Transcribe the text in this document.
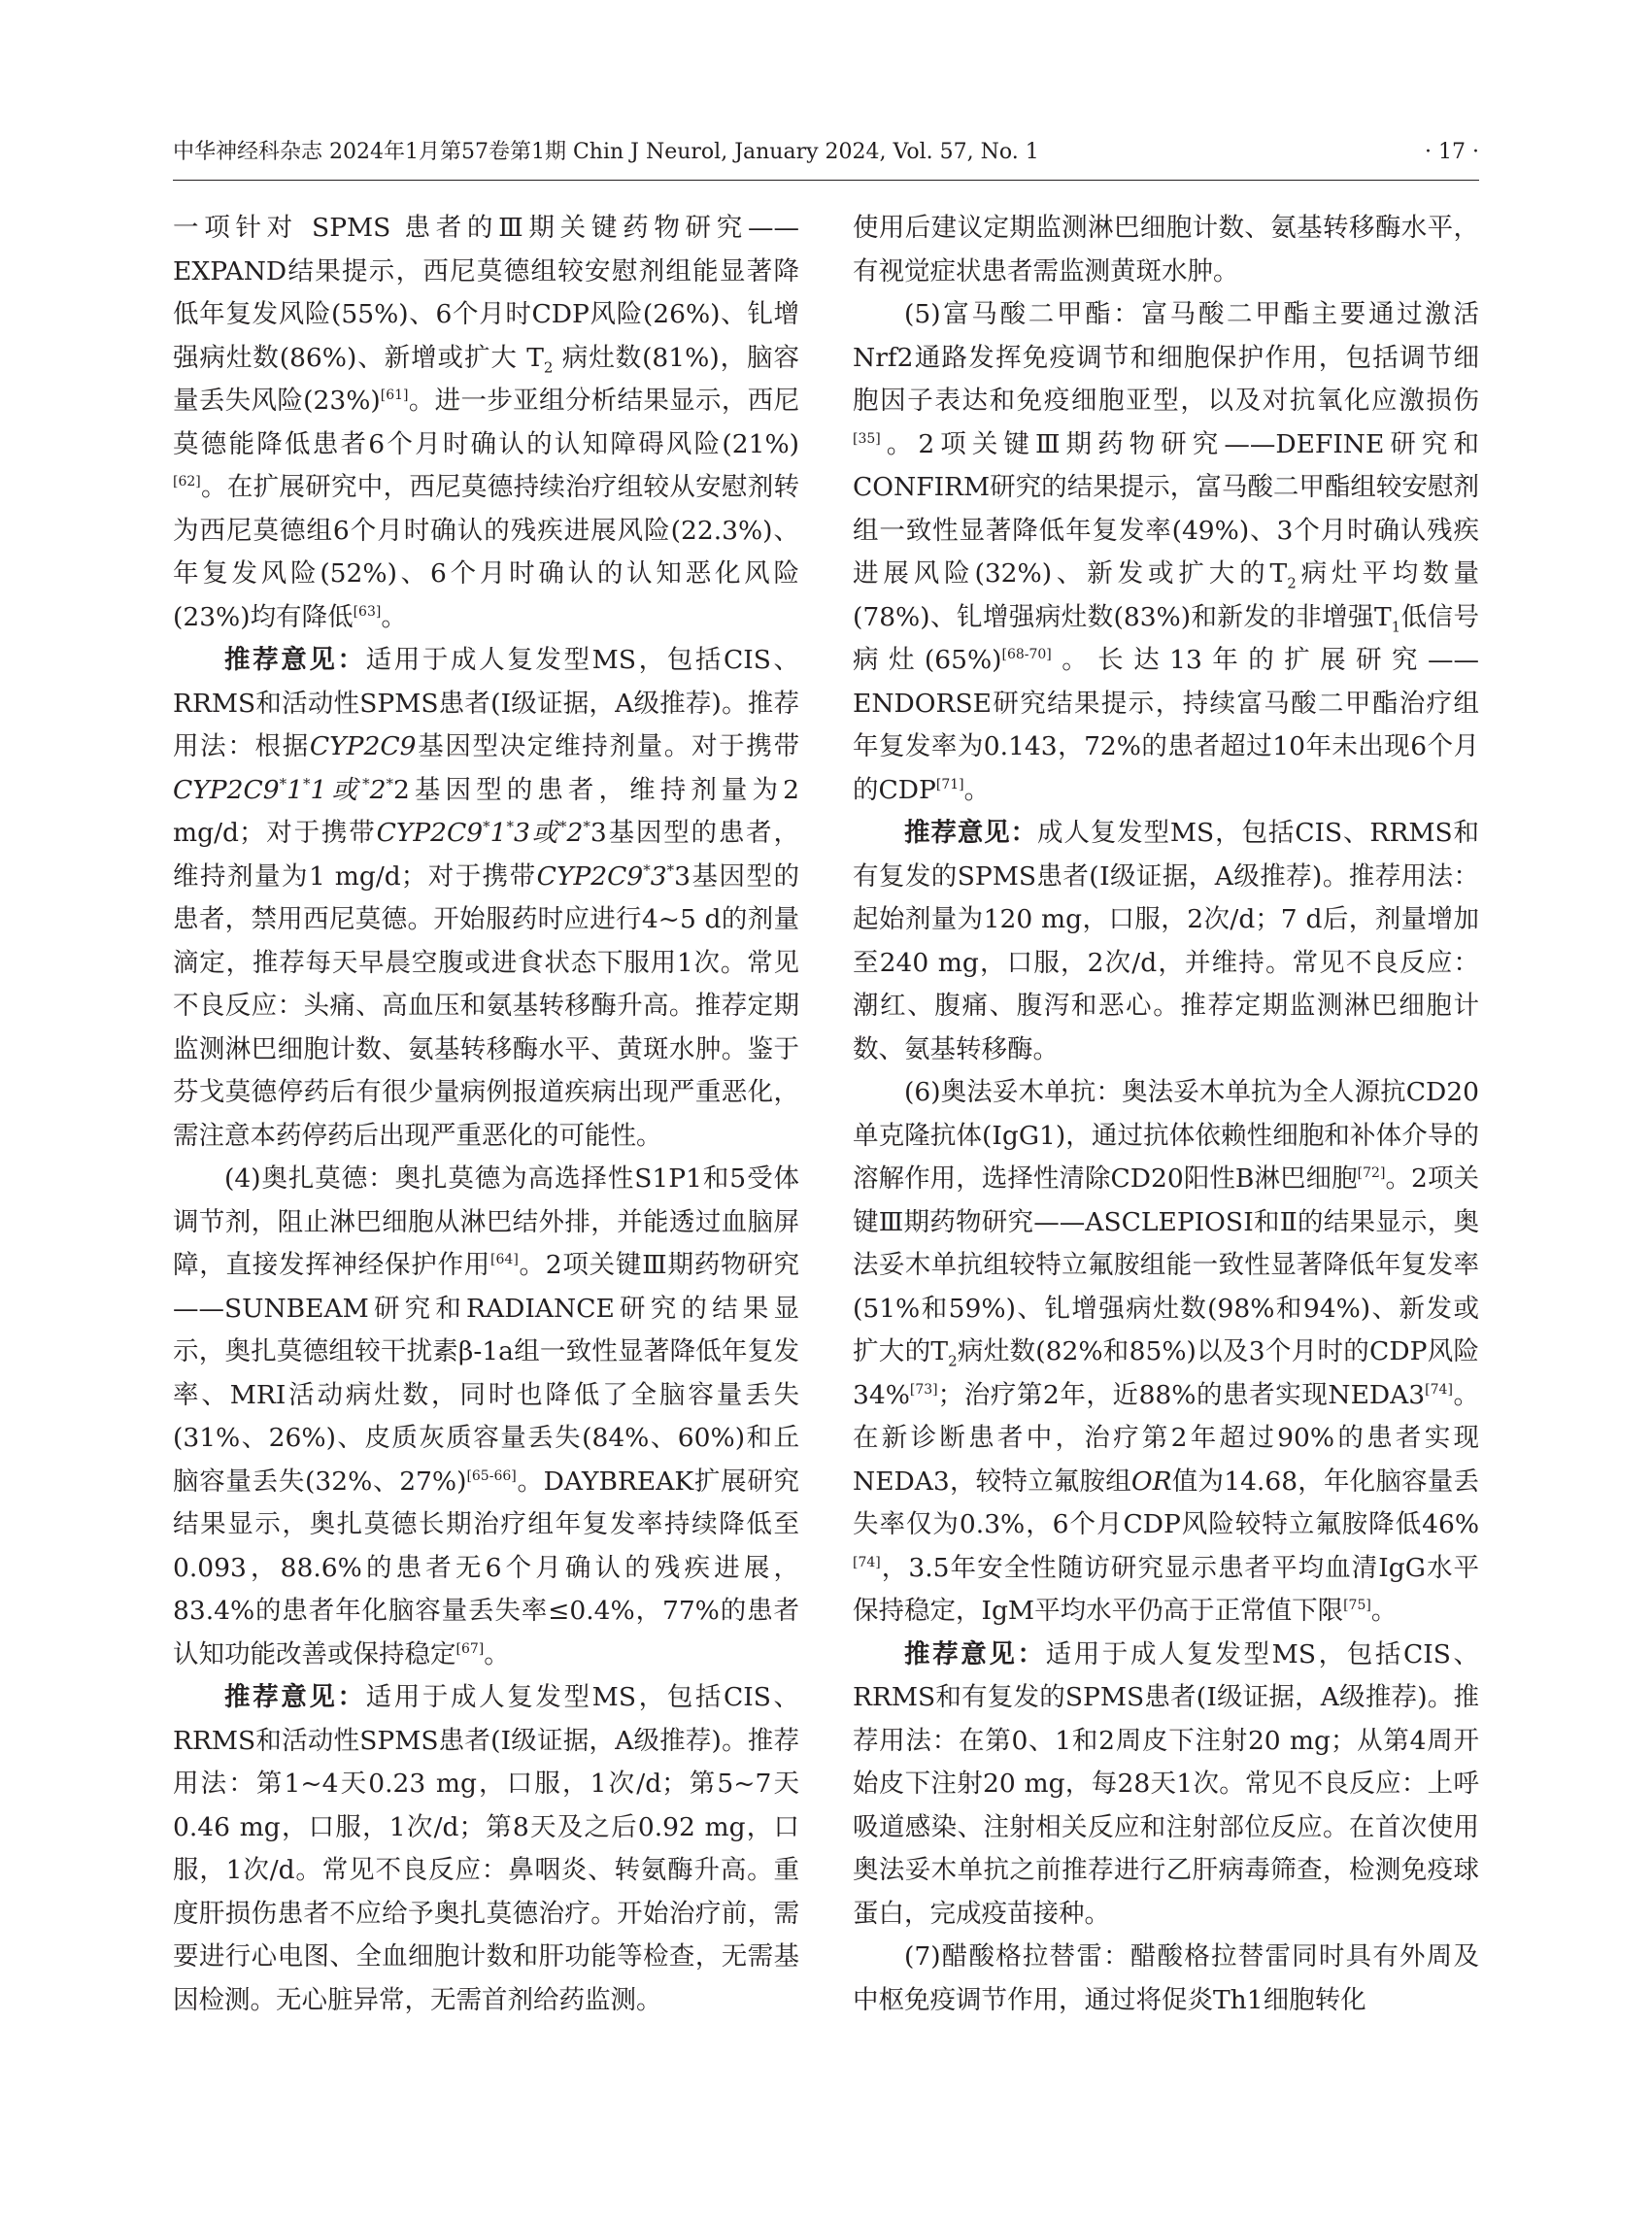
中华神经科杂志 2024年1月第57卷第1期 Chin J Neurol, January 2024, Vol. 57, No. 1	· 17 ·

一项针对 SPMS 患者的Ⅲ期关键药物研究——EXPAND结果提示，西尼莫德组较安慰剂组能显著降低年复发风险(55%)、6个月时CDP风险(26%)、钆增强病灶数(86%)、新增或扩大 $T_2$ 病灶数(81%)，脑容量丢失风险(23%)[61]。进一步亚组分析结果显示，西尼莫德能降低患者6个月时确认的认知障碍风险(21%)[62]。在扩展研究中，西尼莫德持续治疗组较从安慰剂转为西尼莫德组6个月时确认的残疾进展风险(22.3%)、年复发风险(52%)、6个月时确认的认知恶化风险(23%)均有降低[63]。

推荐意见：适用于成人复发型MS，包括CIS、RRMS和活动性SPMS患者(Ⅰ级证据，A级推荐)。推荐用法：根据CYP2C9基因型决定维持剂量。对于携带CYP2C9*1*1或*2*2基因型的患者，维持剂量为2 mg/d；对于携带CYP2C9*1*3或*2*3基因型的患者，维持剂量为1 mg/d；对于携带CYP2C9*3*3基因型的患者，禁用西尼莫德。开始服药时应进行4~5 d的剂量滴定，推荐每天早晨空腹或进食状态下服用1次。常见不良反应：头痛、高血压和氨基转移酶升高。推荐定期监测淋巴细胞计数、氨基转移酶水平、黄斑水肿。鉴于芬戈莫德停药后有很少量病例报道疾病出现严重恶化，需注意本药停药后出现严重恶化的可能性。

(4)奥扎莫德：奥扎莫德为高选择性S1P1和5受体调节剂，阻止淋巴细胞从淋巴结外排，并能透过血脑屏障，直接发挥神经保护作用[64]。2项关键Ⅲ期药物研究——SUNBEAM研究和RADIANCE研究的结果显示，奥扎莫德组较干扰素β-1a组一致性显著降低年复发率、MRI活动病灶数，同时也降低了全脑容量丢失(31%、26%)、皮质灰质容量丢失(84%、60%)和丘脑容量丢失(32%、27%)[65-66]。DAYBREAK扩展研究结果显示，奥扎莫德长期治疗组年复发率持续降低至0.093，88.6%的患者无6个月确认的残疾进展，83.4%的患者年化脑容量丢失率≤0.4%，77%的患者认知功能改善或保持稳定[67]。

推荐意见：适用于成人复发型MS，包括CIS、RRMS和活动性SPMS患者(Ⅰ级证据，A级推荐)。推荐用法：第1~4天0.23 mg，口服，1次/d；第5~7天0.46 mg，口服，1次/d；第8天及之后0.92 mg，口服，1次/d。常见不良反应：鼻咽炎、转氨酶升高。重度肝损伤患者不应给予奥扎莫德治疗。开始治疗前，需要进行心电图、全血细胞计数和肝功能等检查，无需基因检测。无心脏异常，无需首剂给药监测。

使用后建议定期监测淋巴细胞计数、氨基转移酶水平，有视觉症状患者需监测黄斑水肿。

(5)富马酸二甲酯：富马酸二甲酯主要通过激活Nrf2通路发挥免疫调节和细胞保护作用，包括调节细胞因子表达和免疫细胞亚型，以及对抗氧化应激损伤[35]。2项关键Ⅲ期药物研究——DEFINE研究和CONFIRM研究的结果提示，富马酸二甲酯组较安慰剂组一致性显著降低年复发率(49%)、3个月时确认残疾进展风险(32%)、新发或扩大的$T_2$病灶平均数量(78%)、钆增强病灶数(83%)和新发的非增强$T_1$低信号病灶(65%)[68-70]。长达13年的扩展研究——ENDORSE研究结果提示，持续富马酸二甲酯治疗组年复发率为0.143，72%的患者超过10年未出现6个月的CDP[71]。

推荐意见：成人复发型MS，包括CIS、RRMS和有复发的SPMS患者(Ⅰ级证据，A级推荐)。推荐用法：起始剂量为120 mg，口服，2次/d；7 d后，剂量增加至240 mg，口服，2次/d，并维持。常见不良反应：潮红、腹痛、腹泻和恶心。推荐定期监测淋巴细胞计数、氨基转移酶。

(6)奥法妥木单抗：奥法妥木单抗为全人源抗CD20单克隆抗体(IgG1)，通过抗体依赖性细胞和补体介导的溶解作用，选择性清除CD20阳性B淋巴细胞[72]。2项关键Ⅲ期药物研究——ASCLEPIOSⅠ和Ⅱ的结果显示，奥法妥木单抗组较特立氟胺组能一致性显著降低年复发率(51%和59%)、钆增强病灶数(98%和94%)、新发或扩大的$T_2$病灶数(82%和85%)以及3个月时的CDP风险34%[73]；治疗第2年，近88%的患者实现NEDA3[74]。在新诊断患者中，治疗第2年超过90%的患者实现NEDA3，较特立氟胺组OR值为14.68，年化脑容量丢失率仅为0.3%，6个月CDP风险较特立氟胺降低46%[74]，3.5年安全性随访研究显示患者平均血清IgG水平保持稳定，IgM平均水平仍高于正常值下限[75]。

推荐意见：适用于成人复发型MS，包括CIS、RRMS和有复发的SPMS患者(Ⅰ级证据，A级推荐)。推荐用法：在第0、1和2周皮下注射20 mg；从第4周开始皮下注射20 mg，每28天1次。常见不良反应：上呼吸道感染、注射相关反应和注射部位反应。在首次使用奥法妥木单抗之前推荐进行乙肝病毒筛查，检测免疫球蛋白，完成疫苗接种。

(7)醋酸格拉替雷：醋酸格拉替雷同时具有外周及中枢免疫调节作用，通过将促炎Th1细胞转化
